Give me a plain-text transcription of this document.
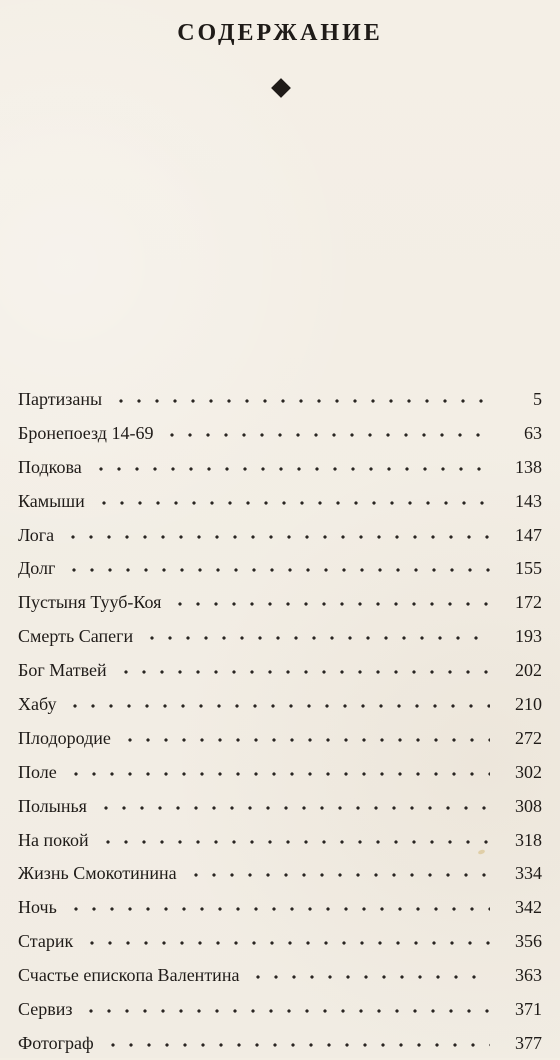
СОДЕРЖАНИЕ
Партизаны	5
Бронепоезд 14-69	63
Подкова	138
Камыши	143
Лога	147
Долг	155
Пустыня Тууб-Коя	172
Смерть Сапеги	193
Бог Матвей	202
Хабу	210
Плодородие	272
Поле	302
Полынья	308
На покой	318
Жизнь Смокотинина	334
Ночь	342
Старик	356
Счастье епископа Валентина	363
Сервиз	371
Фотограф	377
